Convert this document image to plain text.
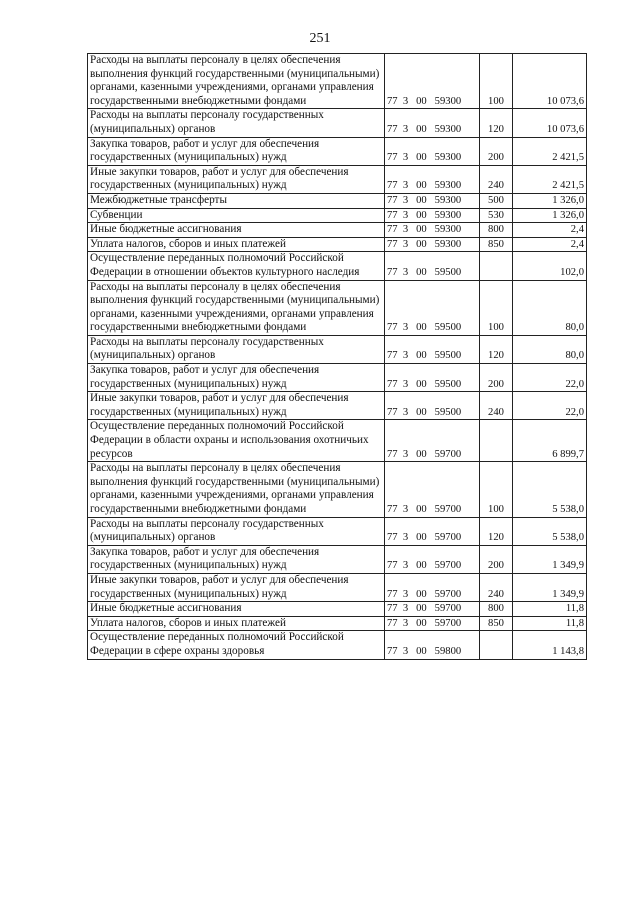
251
Расходы на выплаты персоналу в целях обеспечения выполнения функций государственными (муниципальными) органами, казенными учреждениями, органами управления государственными внебюджетными фондами	77  3   00   59300	100	10 073,6
Расходы на выплаты персоналу государственных (муниципальных) органов	77  3   00   59300	120	10 073,6
Закупка товаров, работ и услуг для обеспечения государственных (муниципальных) нужд	77  3   00   59300	200	2 421,5
Иные закупки товаров, работ и услуг для обеспечения государственных (муниципальных) нужд	77  3   00   59300	240	2 421,5
Межбюджетные трансферты	77  3   00   59300	500	1 326,0
Субвенции	77  3   00   59300	530	1 326,0
Иные бюджетные ассигнования	77  3   00   59300	800	2,4
Уплата налогов, сборов и иных платежей	77  3   00   59300	850	2,4
Осуществление переданных полномочий Российской Федерации в отношении объектов культурного наследия	77  3   00   59500		102,0
Расходы на выплаты персоналу в целях обеспечения выполнения функций государственными (муниципальными) органами, казенными учреждениями, органами управления государственными внебюджетными фондами	77  3   00   59500	100	80,0
Расходы на выплаты персоналу государственных (муниципальных) органов	77  3   00   59500	120	80,0
Закупка товаров, работ и услуг для обеспечения государственных (муниципальных) нужд	77  3   00   59500	200	22,0
Иные закупки товаров, работ и услуг для обеспечения государственных (муниципальных) нужд	77  3   00   59500	240	22,0
Осуществление переданных полномочий Российской Федерации в области охраны и использования охотничьих ресурсов	77  3   00   59700		6 899,7
Расходы на выплаты персоналу в целях обеспечения выполнения функций государственными (муниципальными) органами, казенными учреждениями, органами управления государственными внебюджетными фондами	77  3   00   59700	100	5 538,0
Расходы на выплаты персоналу государственных (муниципальных) органов	77  3   00   59700	120	5 538,0
Закупка товаров, работ и услуг для обеспечения государственных (муниципальных) нужд	77  3   00   59700	200	1 349,9
Иные закупки товаров, работ и услуг для обеспечения государственных (муниципальных) нужд	77  3   00   59700	240	1 349,9
Иные бюджетные ассигнования	77  3   00   59700	800	11,8
Уплата налогов, сборов и иных платежей	77  3   00   59700	850	11,8
Осуществление переданных полномочий Российской Федерации в сфере охраны здоровья	77  3   00   59800		1 143,8
